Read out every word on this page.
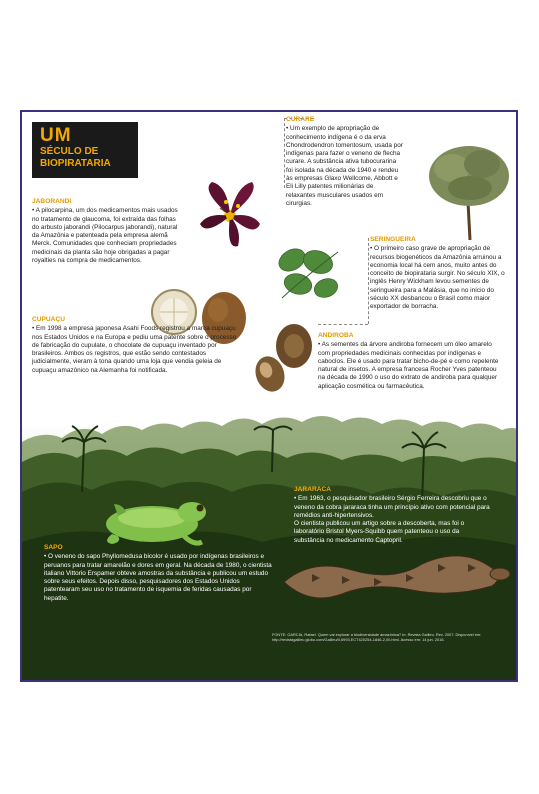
UM
SÉCULO DE
BIOPIRATARIA
JABORANDI

• A pilocarpina, um dos medicamentos mais usados no tratamento de glaucoma, foi extraída das folhas do arbusto jaborandi (Pilocarpus jaborandi), natural da Amazônia e patenteada pela empresa alemã Merck. Comunidades que conheciam propriedades medicinais da planta são hoje obrigadas a pagar royalties na compra de medicamentos.

CURARE

• Um exemplo de apropriação de conhecimento indígena é o da erva Chondrodendron tomentosum, usada por indígenas para fazer o veneno de flecha curare. A substância ativa tubocurarina foi isolada na década de 1940 e rendeu às empresas Glaxo Wellcome, Abbott e Eli Lilly patentes milionárias de relaxantes musculares usados em cirurgias.

SERINGUEIRA

• O primeiro caso grave de apropriação de recursos biogenéticos da Amazônia arruinou a economia local há cem anos, muito antes do conceito de biopirataria surgir. No século XIX, o inglês Henry Wickham levou sementes de seringueira para a Malásia, que no início do século XX desbancou o Brasil como maior exportador de borracha.

CUPUAÇU

• Em 1998 a empresa japonesa Asahi Foods registrou a marca cupuaçu nos Estados Unidos e na Europa e pediu uma patente sobre o processo de fabricação do cupulate, o chocolate de cupuaçu inventado por brasileiros. Ambos os registros, que estão sendo contestados judicialmente, vieram à tona quando uma loja que vendia geleia de cupuaçu amazônico na Alemanha foi notificada.

ANDIROBA

• As sementes da árvore andiroba fornecem um óleo amarelo com propriedades medicinais conhecidas por indígenas e caboclos. Ele é usado para tratar bicho-de-pé e como repelente natural de insetos. A empresa francesa Rocher Yves patenteou na década de 1990 o uso do extrato de andiroba para qualquer aplicação cosmética ou farmacêutica.

JARARACA

• Em 1963, o pesquisador brasileiro Sérgio Ferreira descobriu que o veneno da cobra jararaca tinha um princípio ativo com potencial para remédios anti-hipertensivos.

O cientista publicou um artigo sobre a descoberta, mas foi o laboratório Bristol Myers-Squibb quem patenteou o uso da substância no medicamento Captopril.

SAPO

• O veneno do sapo Phyllomedusa bicolor é usado por indígenas brasileiros e peruanos para tratar amarelão e dores em geral. Na década de 1980, o cientista italiano Vittorio Erspamer obteve amostras da substância e publicou um estudo sobre seus efeitos. Depois disso, pesquisadores dos Estados Unidos patentearam seu uso no tratamento de isquemia de feridas causadas por hepatite.

FONTE: GARCIA, Rafael. Quem vai explorar a biodiversidade amazônica? In: Revista Galileu. Rev. 2007. Disponível em: http://revistagalileu.globo.com/Galileu/0,6993,ECT420254-1846-2,00.html. Acesso em: 14 jun. 2016.
